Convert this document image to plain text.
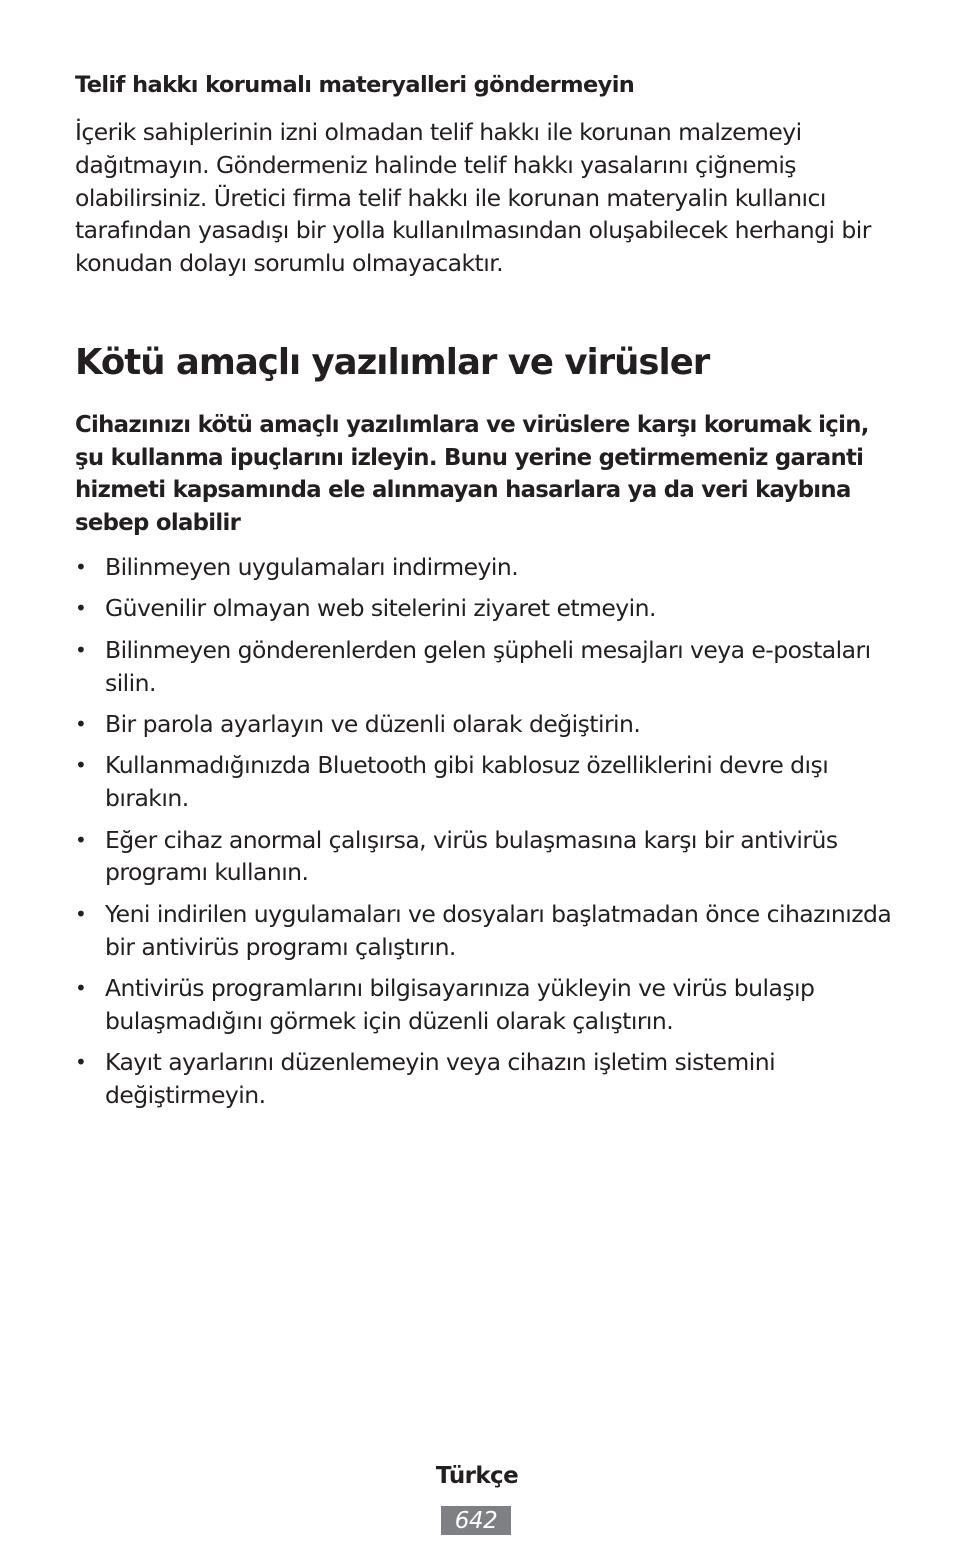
Telif hakkı korumalı materyalleri göndermeyin

İçerik sahiplerinin izni olmadan telif hakkı ile korunan malzemeyi
dağıtmayın. Göndermeniz halinde telif hakkı yasalarını çiğnemiş
olabilirsiniz. Üretici firma telif hakkı ile korunan materyalin kullanıcı
tarafından yasadışı bir yolla kullanılmasından oluşabilecek herhangi bir
konudan dolayı sorumlu olmayacaktır.

Kötü amaçlı yazılımlar ve virüsler

Cihazınızı kötü amaçlı yazılımlara ve virüslere karşı korumak için,
şu kullanma ipuçlarını izleyin. Bunu yerine getirmemeniz garanti
hizmeti kapsamında ele alınmayan hasarlara ya da veri kaybına
sebep olabilir

• Bilinmeyen uygulamaları indirmeyin.
• Güvenilir olmayan web sitelerini ziyaret etmeyin.
• Bilinmeyen gönderenlerden gelen şüpheli mesajları veya e-postaları
silin.
• Bir parola ayarlayın ve düzenli olarak değiştirin.
• Kullanmadığınızda Bluetooth gibi kablosuz özelliklerini devre dışı
bırakın.
• Eğer cihaz anormal çalışırsa, virüs bulaşmasına karşı bir antivirüs
programı kullanın.
• Yeni indirilen uygulamaları ve dosyaları başlatmadan önce cihazınızda
bir antivirüs programı çalıştırın.
• Antivirüs programlarını bilgisayarınıza yükleyin ve virüs bulaşıp
bulaşmadığını görmek için düzenli olarak çalıştırın.
• Kayıt ayarlarını düzenlemeyin veya cihazın işletim sistemini
değiştirmeyin.
Türkçe
642
